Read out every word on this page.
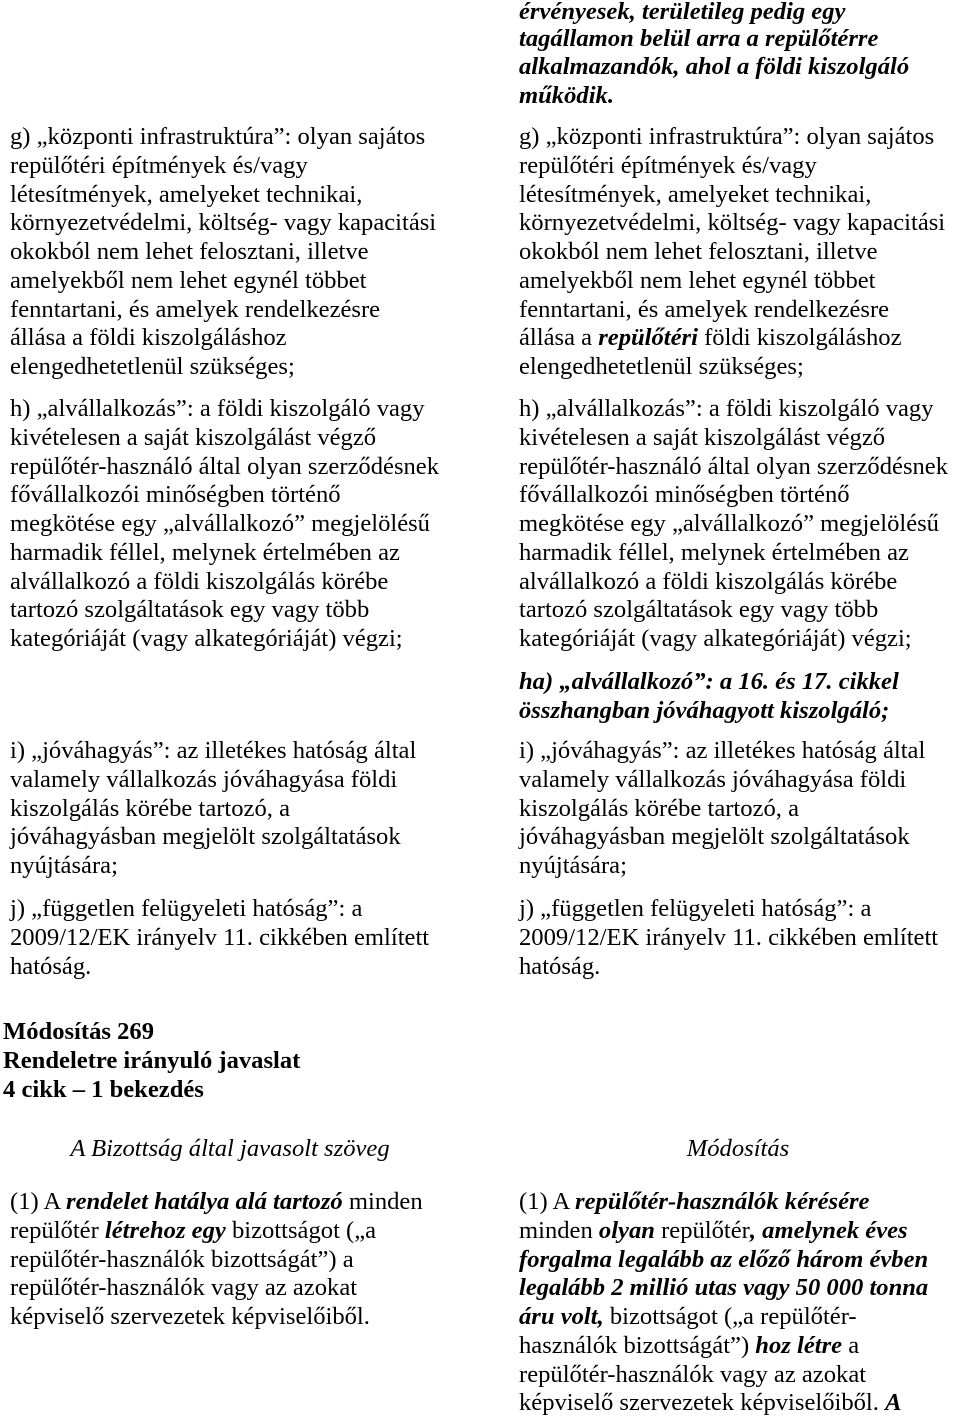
érvényesek, területileg pedig egy
tagállamon belül arra a repülőtérre
alkalmazandók, ahol a földi kiszolgáló
működik.
g) „központi infrastruktúra”: olyan sajátos
repülőtéri építmények és/vagy
létesítmények, amelyeket technikai,
környezetvédelmi, költség- vagy kapacitási
okokból nem lehet felosztani, illetve
amelyekből nem lehet egynél többet
fenntartani, és amelyek rendelkezésre
állása a földi kiszolgáláshoz
elengedhetetlenül szükséges;
g) „központi infrastruktúra”: olyan sajátos
repülőtéri építmények és/vagy
létesítmények, amelyeket technikai,
környezetvédelmi, költség- vagy kapacitási
okokból nem lehet felosztani, illetve
amelyekből nem lehet egynél többet
fenntartani, és amelyek rendelkezésre
állása a repülőtéri földi kiszolgáláshoz
elengedhetetlenül szükséges;
h) „alvállalkozás”: a földi kiszolgáló vagy
kivételesen a saját kiszolgálást végző
repülőtér-használó által olyan szerződésnek
fővállalkozói minőségben történő
megkötése egy „alvállalkozó” megjelölésű
harmadik féllel, melynek értelmében az
alvállalkozó a földi kiszolgálás körébe
tartozó szolgáltatások egy vagy több
kategóriáját (vagy alkategóriáját) végzi;
h) „alvállalkozás”: a földi kiszolgáló vagy
kivételesen a saját kiszolgálást végző
repülőtér-használó által olyan szerződésnek
fővállalkozói minőségben történő
megkötése egy „alvállalkozó” megjelölésű
harmadik féllel, melynek értelmében az
alvállalkozó a földi kiszolgálás körébe
tartozó szolgáltatások egy vagy több
kategóriáját (vagy alkategóriáját) végzi;
ha) „alvállalkozó”: a 16. és 17. cikkel
összhangban jóváhagyott kiszolgáló;
i) „jóváhagyás”: az illetékes hatóság által
valamely vállalkozás jóváhagyása földi
kiszolgálás körébe tartozó, a
jóváhagyásban megjelölt szolgáltatások
nyújtására;
i) „jóváhagyás”: az illetékes hatóság által
valamely vállalkozás jóváhagyása földi
kiszolgálás körébe tartozó, a
jóváhagyásban megjelölt szolgáltatások
nyújtására;
j) „független felügyeleti hatóság”: a
2009/12/EK irányelv 11. cikkében említett
hatóság.
j) „független felügyeleti hatóság”: a
2009/12/EK irányelv 11. cikkében említett
hatóság.
Módosítás 269
Rendeletre irányuló javaslat
4 cikk – 1 bekezdés
A Bizottság által javasolt szöveg	Módosítás
(1) A rendelet hatálya alá tartozó minden
repülőtér létrehoz egy bizottságot („a
repülőtér-használók bizottságát”) a
repülőtér-használók vagy az azokat
képviselő szervezetek képviselőiből.
(1) A repülőtér-használók kérésére
minden olyan repülőtér, amelynek éves
forgalma legalább az előző három évben
legalább 2 millió utas vagy 50 000 tonna
áru volt, bizottságot („a repülőtér-
használók bizottságát”) hoz létre a
repülőtér-használók vagy az azokat
képviselő szervezetek képviselőiből. A
